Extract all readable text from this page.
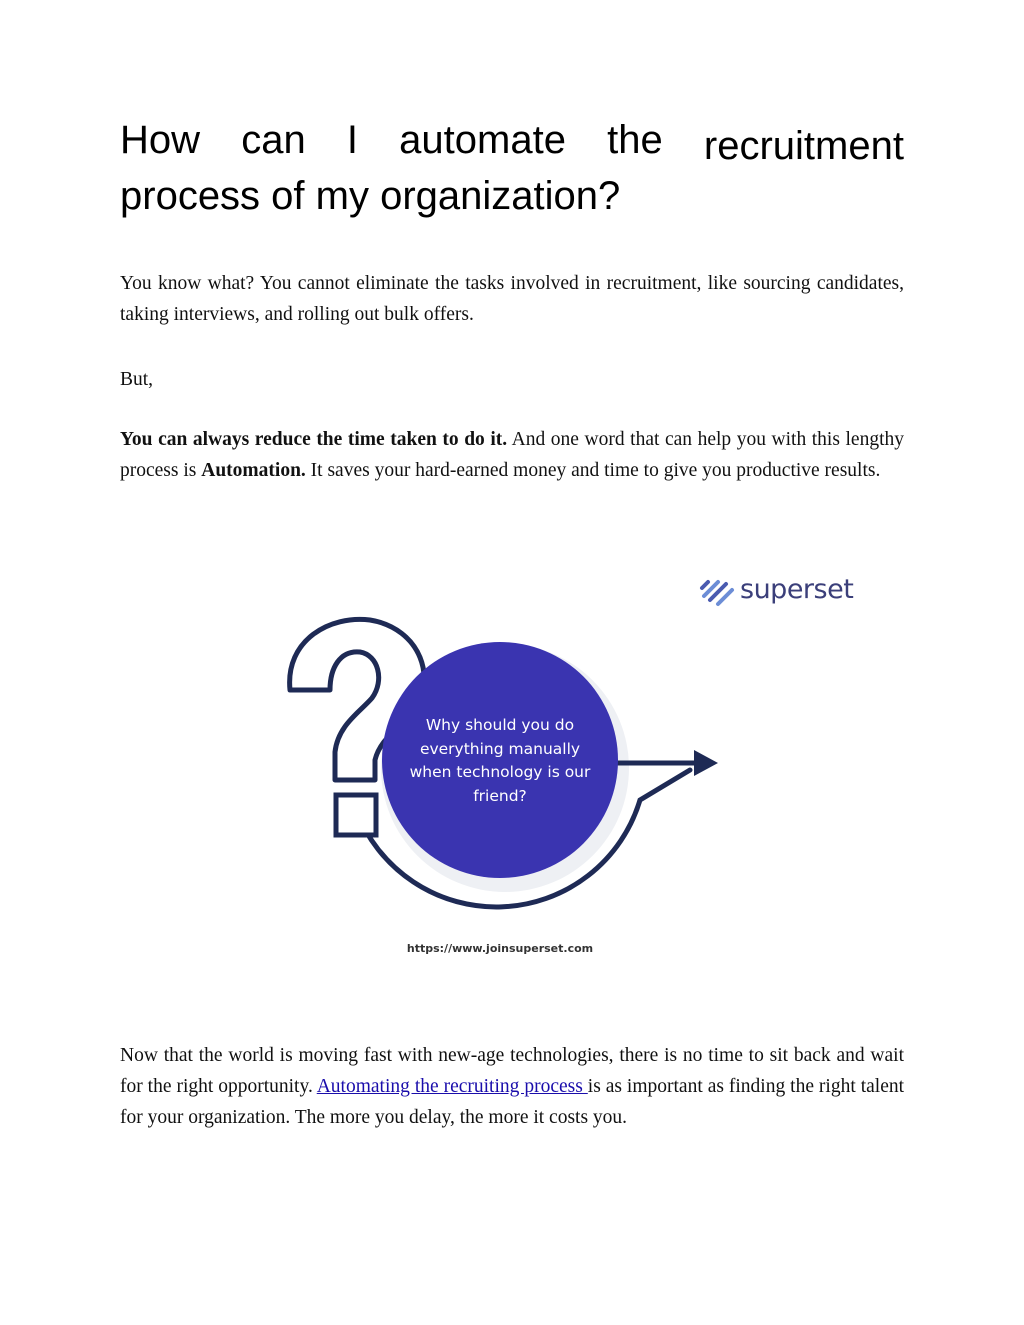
How can I automate the recruitment
process of my organization?

You know what? You cannot eliminate the tasks involved in recruitment, like sourcing candidates, taking interviews, and rolling out bulk offers.

But,

You can always reduce the time taken to do it. And one word that can help you with this lengthy process is Automation. It saves your hard-earned money and time to give you productive results.

superset
Why should you do everything manually when technology is our friend?
https://www.joinsuperset.com

Now that the world is moving fast with new-age technologies, there is no time to sit back and wait for the right opportunity. Automating the recruiting process is as important as finding the right talent for your organization. The more you delay, the more it costs you.
